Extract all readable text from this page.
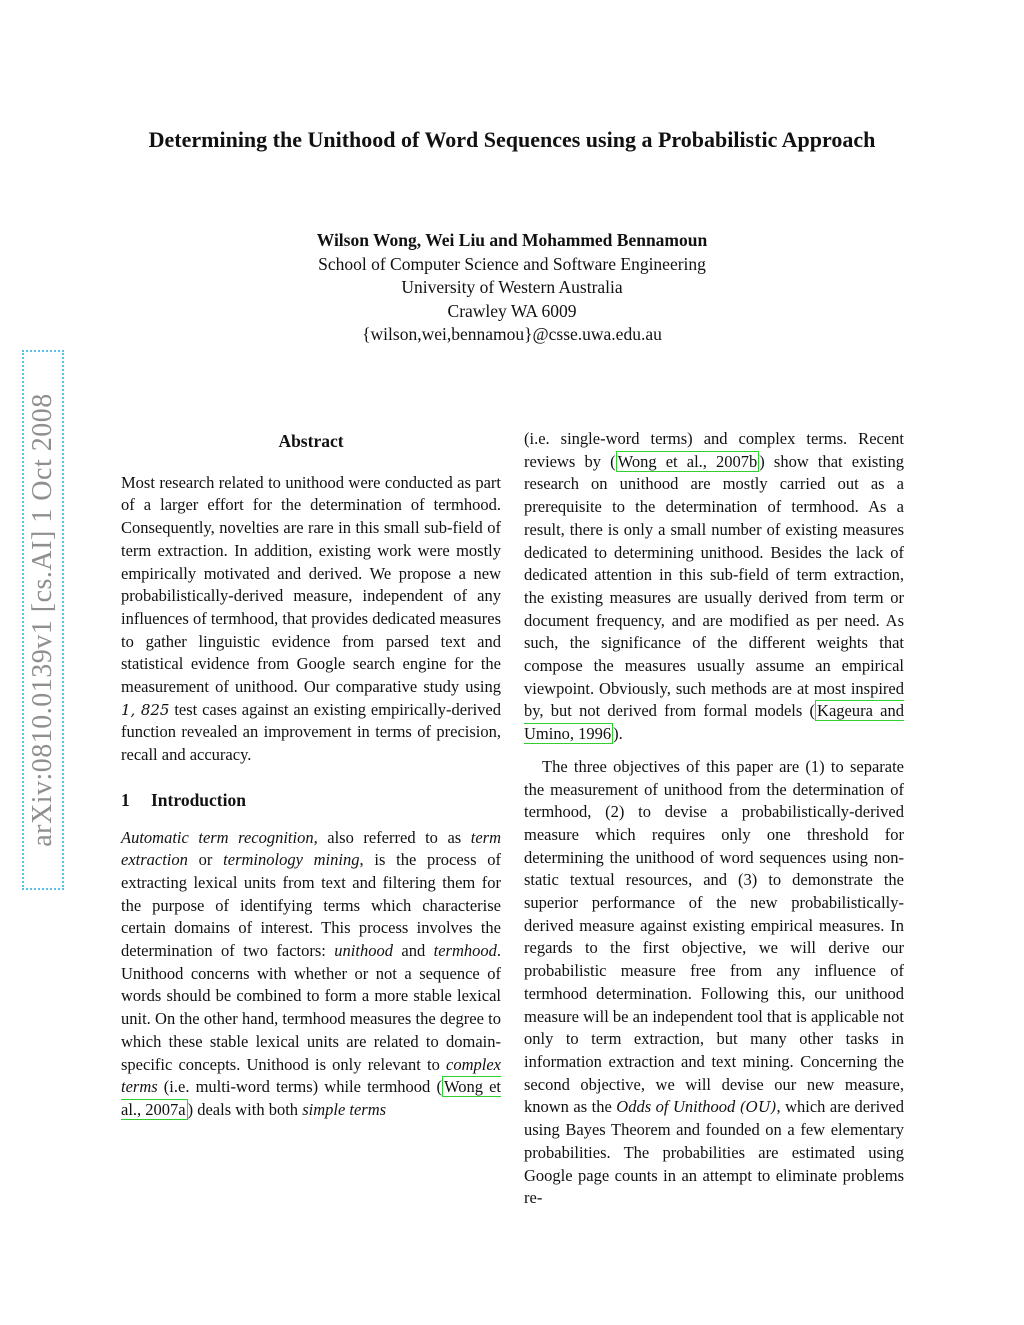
Determining the Unithood of Word Sequences using a Probabilistic Approach
Wilson Wong, Wei Liu and Mohammed Bennamoun
School of Computer Science and Software Engineering
University of Western Australia
Crawley WA 6009
{wilson,wei,bennamou}@csse.uwa.edu.au
arXiv:0810.0139v1 [cs.AI] 1 Oct 2008	Abstract

Most research related to unithood were conducted as part of a larger effort for the determination of termhood. Consequently, novelties are rare in this small sub-field of term extraction. In addition, existing work were mostly empirically motivated and derived. We propose a new probabilistically-derived measure, independent of any influences of termhood, that provides dedicated measures to gather linguistic evidence from parsed text and statistical evidence from Google search engine for the measurement of unithood. Our comparative study using 1, 825 test cases against an existing empirically-derived function revealed an improvement in terms of precision, recall and accuracy.

1 Introduction

Automatic term recognition, also referred to as term extraction or terminology mining, is the process of extracting lexical units from text and filtering them for the purpose of identifying terms which characterise certain domains of interest. This process involves the determination of two factors: unithood and termhood. Unithood concerns with whether or not a sequence of words should be combined to form a more stable lexical unit. On the other hand, termhood measures the degree to which these stable lexical units are related to domain-specific concepts. Unithood is only relevant to complex terms (i.e. multi-word terms) while termhood ( Wong et al., 2007a ) deals with both simple terms

(i.e. single-word terms) and complex terms. Recent reviews by ( Wong et al., 2007b ) show that existing research on unithood are mostly carried out as a prerequisite to the determination of termhood. As a result, there is only a small number of existing measures dedicated to determining unithood. Besides the lack of dedicated attention in this sub-field of term extraction, the existing measures are usually derived from term or document frequency, and are modified as per need. As such, the significance of the different weights that compose the measures usually assume an empirical viewpoint. Obviously, such methods are at most inspired by, but not derived from formal models ( Kageura and Umino, 1996 ).

The three objectives of this paper are (1) to separate the measurement of unithood from the determination of termhood, (2) to devise a probabilistically-derived measure which requires only one threshold for determining the unithood of word sequences using non-static textual resources, and (3) to demonstrate the superior performance of the new probabilistically-derived measure against existing empirical measures. In regards to the first objective, we will derive our probabilistic measure free from any influence of termhood determination. Following this, our unithood measure will be an independent tool that is applicable not only to term extraction, but many other tasks in information extraction and text mining. Concerning the second objective, we will devise our new measure, known as the Odds of Unithood (OU), which are derived using Bayes Theorem and founded on a few elementary probabilities. The probabilities are estimated using Google page counts in an attempt to eliminate problems re-
